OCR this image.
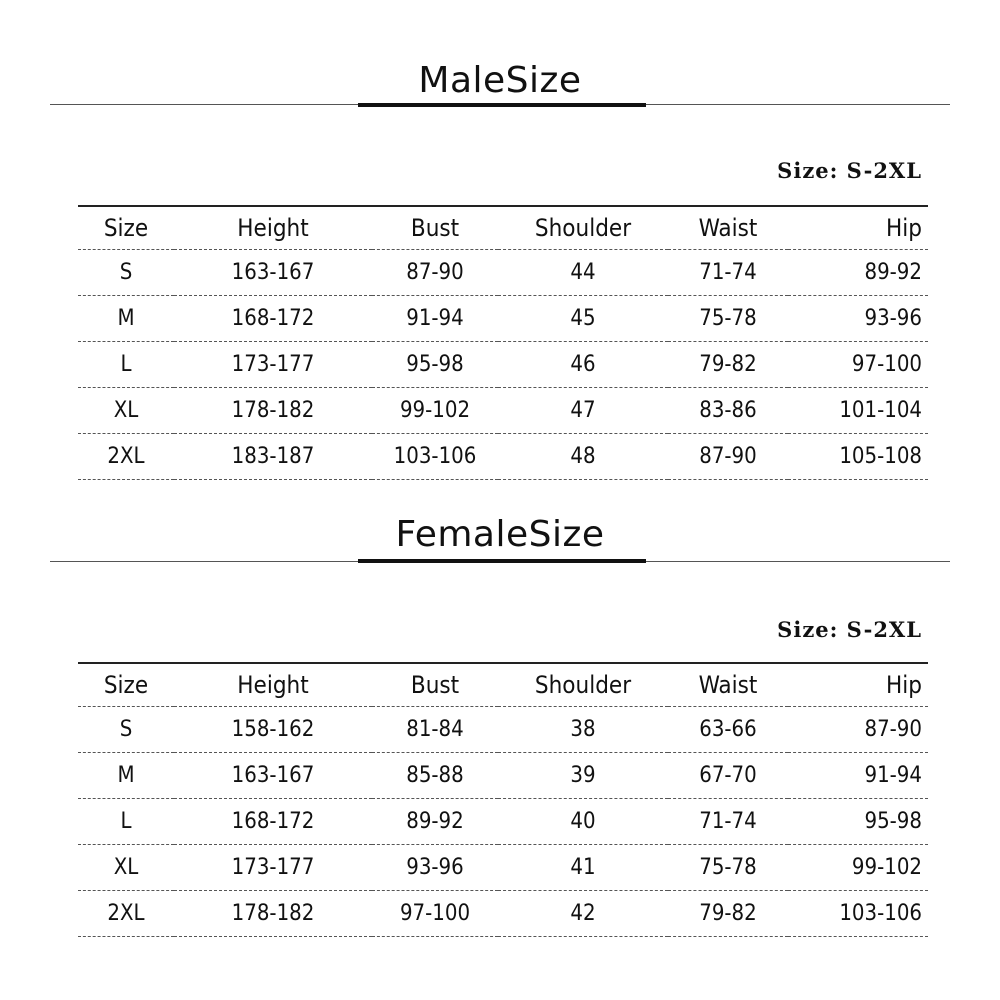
MaleSize
Size: S-2XL
Size	Height	Bust	Shoulder	Waist	Hip
S	163-167	87-90	44	71-74	89-92
M	168-172	91-94	45	75-78	93-96
L	173-177	95-98	46	79-82	97-100
XL	178-182	99-102	47	83-86	101-104
2XL	183-187	103-106	48	87-90	105-108
FemaleSize
Size: S-2XL
Size	Height	Bust	Shoulder	Waist	Hip
S	158-162	81-84	38	63-66	87-90
M	163-167	85-88	39	67-70	91-94
L	168-172	89-92	40	71-74	95-98
XL	173-177	93-96	41	75-78	99-102
2XL	178-182	97-100	42	79-82	103-106
